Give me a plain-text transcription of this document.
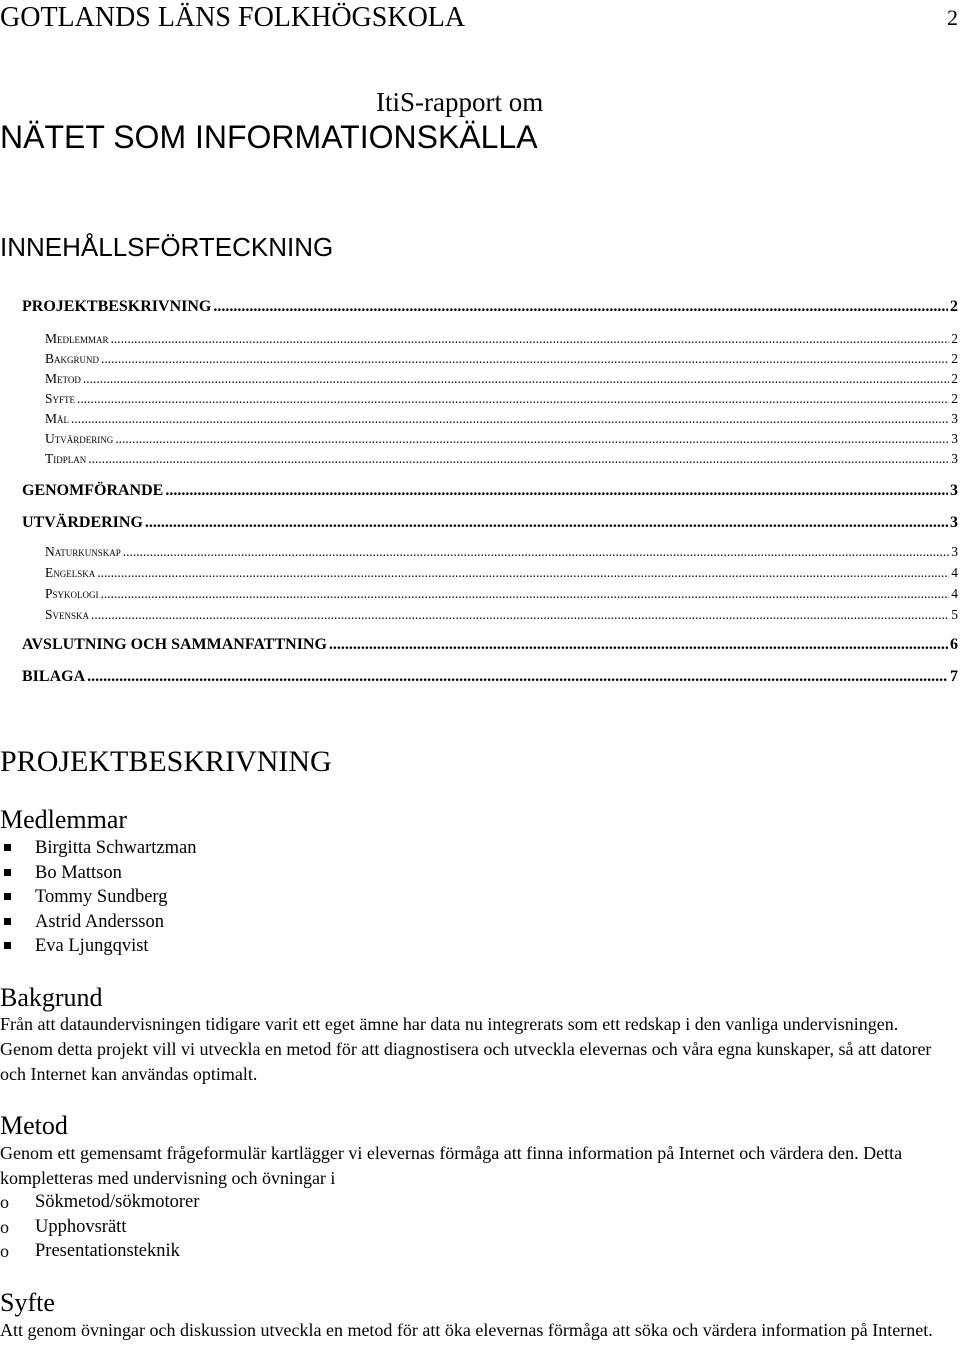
GOTLANDS LÄNS FOLKHÖGSKOLA	2
ItiS-rapport om
NÄTET SOM INFORMATIONSKÄLLA
INNEHÅLLSFÖRTECKNING
PROJEKTBESKRIVNING .....	2
Medlemmar .....	2
Bakgrund .....	2
Metod .....	2
Syfte .....	2
Mål .....	3
Utvärdering .....	3
Tidplan .....	3
GENOMFÖRANDE .....	3
UTVÄRDERING .....	3
Naturkunskap .....	3
Engelska .....	4
Psykologi .....	4
Svenska .....	5
AVSLUTNING OCH SAMMANFATTNING .....	6
BILAGA .....	7
PROJEKTBESKRIVNING
Medlemmar
Birgitta Schwartzman
Bo Mattson
Tommy Sundberg
Astrid Andersson
Eva Ljungqvist
Bakgrund

Från att dataundervisningen tidigare varit ett eget ämne har data nu integrerats som ett redskap i den vanliga undervisningen. Genom detta projekt vill vi utveckla en metod för att diagnostisera och utveckla elevernas och våra egna kunskaper, så att datorer och Internet kan användas optimalt.

Metod

Genom ett gemensamt frågeformulär kartlägger vi elevernas förmåga att finna information på Internet och värdera den. Detta kompletteras med undervisning och övningar i

o Sökmetod/sökmotorer
o Upphovsrätt
o Presentationsteknik
Syfte

Att genom övningar och diskussion utveckla en metod för att öka elevernas förmåga att söka och värdera information på Internet.
